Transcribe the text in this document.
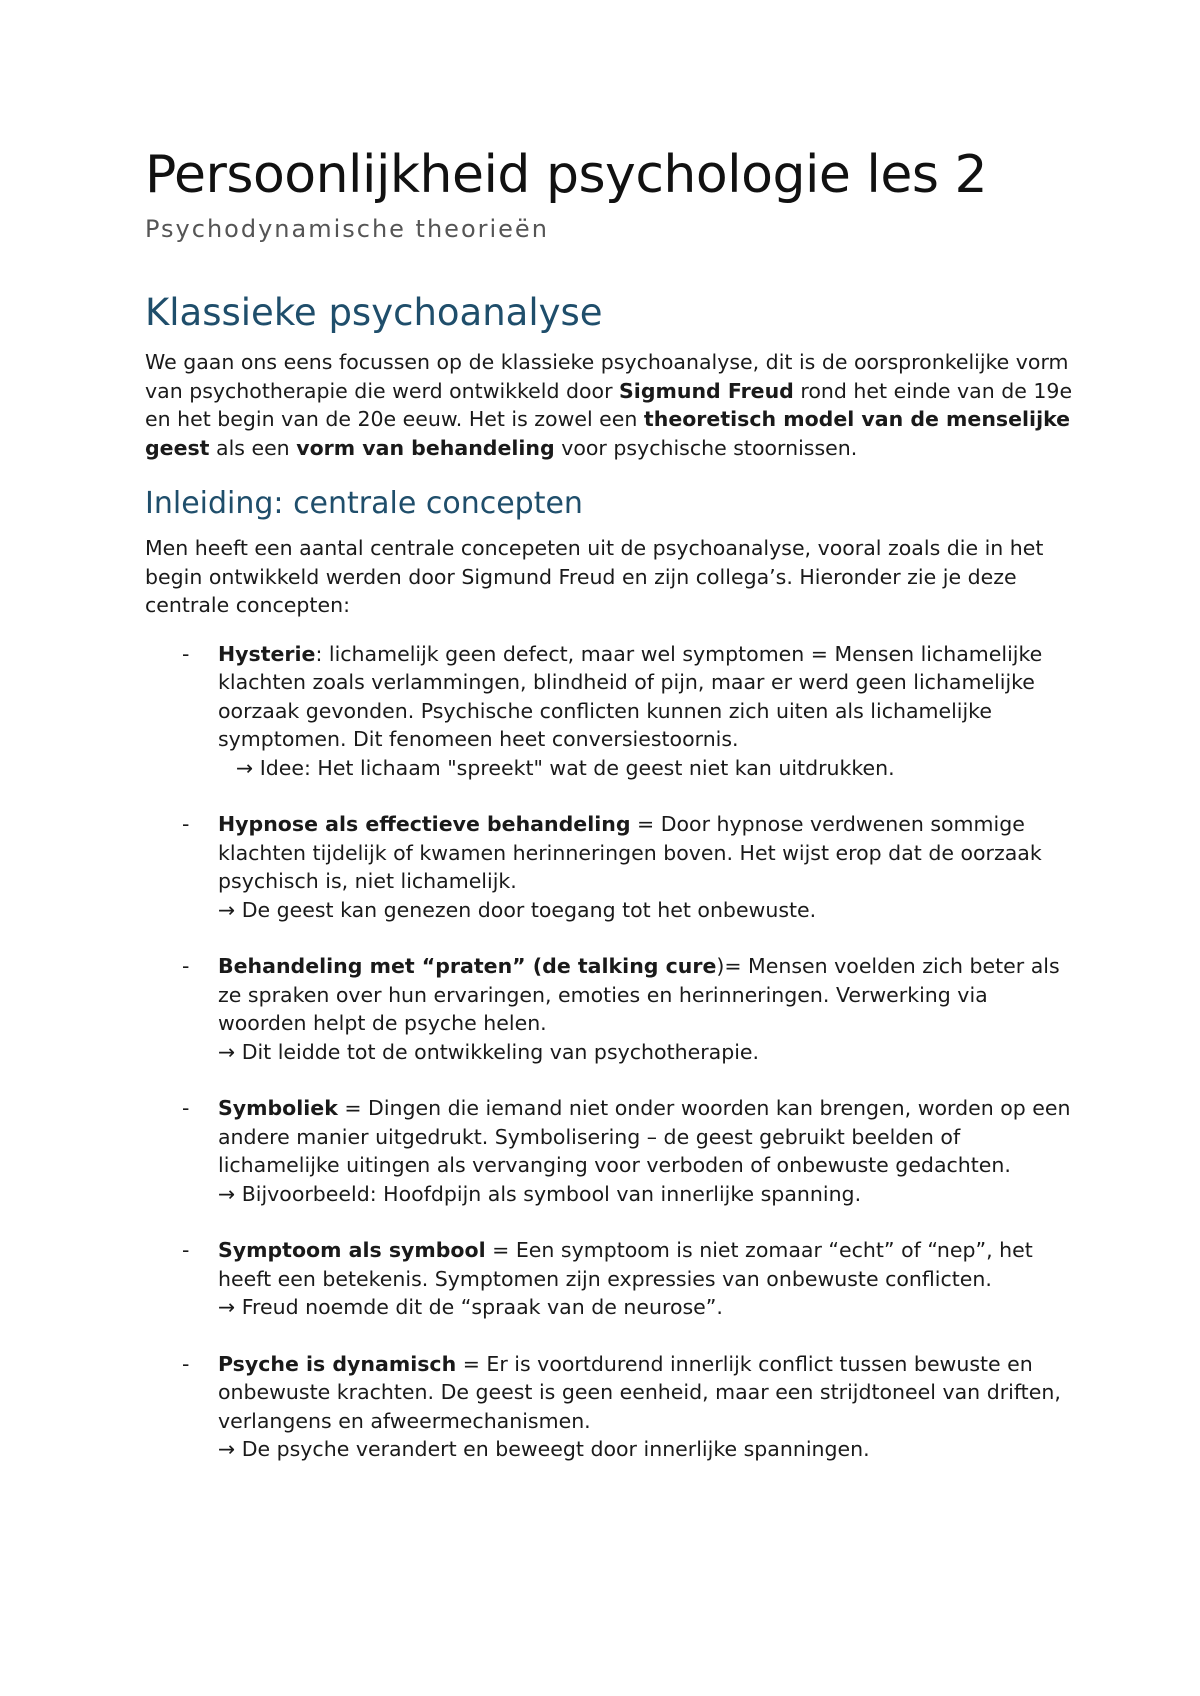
Persoonlijkheid psychologie les 2
Psychodynamische theorieën
Klassieke psychoanalyse

We gaan ons eens focussen op de klassieke psychoanalyse, dit is de oorspronkelijke vorm van psychotherapie die werd ontwikkeld door Sigmund Freud rond het einde van de 19e en het begin van de 20e eeuw. Het is zowel een theoretisch model van de menselijke geest als een vorm van behandeling voor psychische stoornissen.

Inleiding: centrale concepten

Men heeft een aantal centrale concepeten uit de psychoanalyse, vooral zoals die in het begin ontwikkeld werden door Sigmund Freud en zijn collega’s. Hieronder zie je deze centrale concepten:

- Hysterie: lichamelijk geen defect, maar wel symptomen = Mensen lichamelijke klachten zoals verlammingen, blindheid of pijn, maar er werd geen lichamelijke oorzaak gevonden. Psychische conflicten kunnen zich uiten als lichamelijke symptomen. Dit fenomeen heet conversiestoornis.
→ Idee: Het lichaam "spreekt" wat de geest niet kan uitdrukken.
- Hypnose als effectieve behandeling = Door hypnose verdwenen sommige klachten tijdelijk of kwamen herinneringen boven. Het wijst erop dat de oorzaak psychisch is, niet lichamelijk.
→ De geest kan genezen door toegang tot het onbewuste.
- Behandeling met “praten” (de talking cure)= Mensen voelden zich beter als ze spraken over hun ervaringen, emoties en herinneringen. Verwerking via woorden helpt de psyche helen.
→ Dit leidde tot de ontwikkeling van psychotherapie.
- Symboliek = Dingen die iemand niet onder woorden kan brengen, worden op een andere manier uitgedrukt. Symbolisering – de geest gebruikt beelden of lichamelijke uitingen als vervanging voor verboden of onbewuste gedachten.
→ Bijvoorbeeld: Hoofdpijn als symbool van innerlijke spanning.
- Symptoom als symbool = Een symptoom is niet zomaar “echt” of “nep”, het heeft een betekenis. Symptomen zijn expressies van onbewuste conflicten.
→ Freud noemde dit de “spraak van de neurose”.
- Psyche is dynamisch = Er is voortdurend innerlijk conflict tussen bewuste en onbewuste krachten. De geest is geen eenheid, maar een strijdtoneel van driften, verlangens en afweermechanismen.
→ De psyche verandert en beweegt door innerlijke spanningen.
